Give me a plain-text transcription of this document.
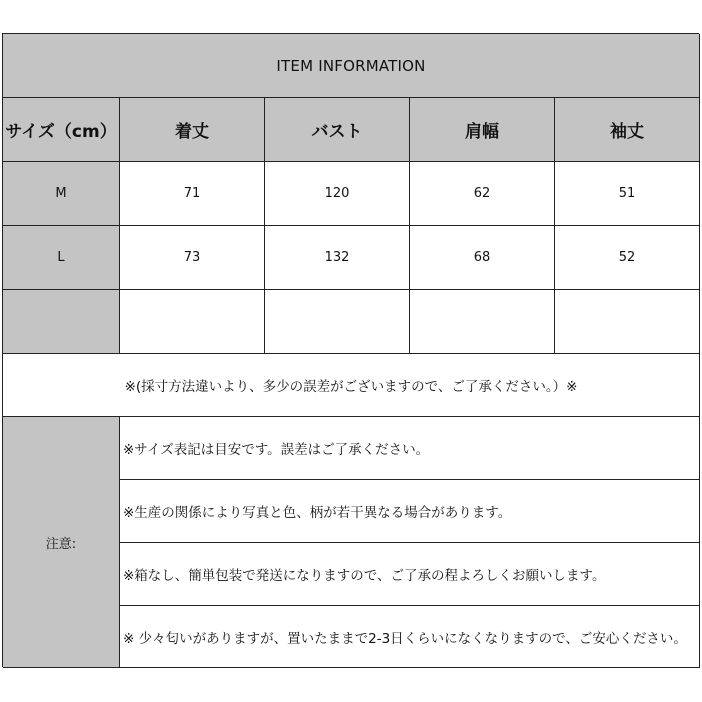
ITEM INFORMATION
サイズ（cm）	着丈	バスト	肩幅	袖丈
M	71	120	62	51
L	73	132	68	52
※(採寸方法違いより、多少の誤差がございますので、ご了承ください。）※
注意:
※サイズ表記は目安です。誤差はご了承ください。
※生産の関係により写真と色、柄が若干異なる場合があります。
※箱なし、簡単包装で発送になりますので、ご了承の程よろしくお願いします。
※ 少々匂いがありますが、置いたままで2-3日くらいになくなりますので、ご安心ください。
